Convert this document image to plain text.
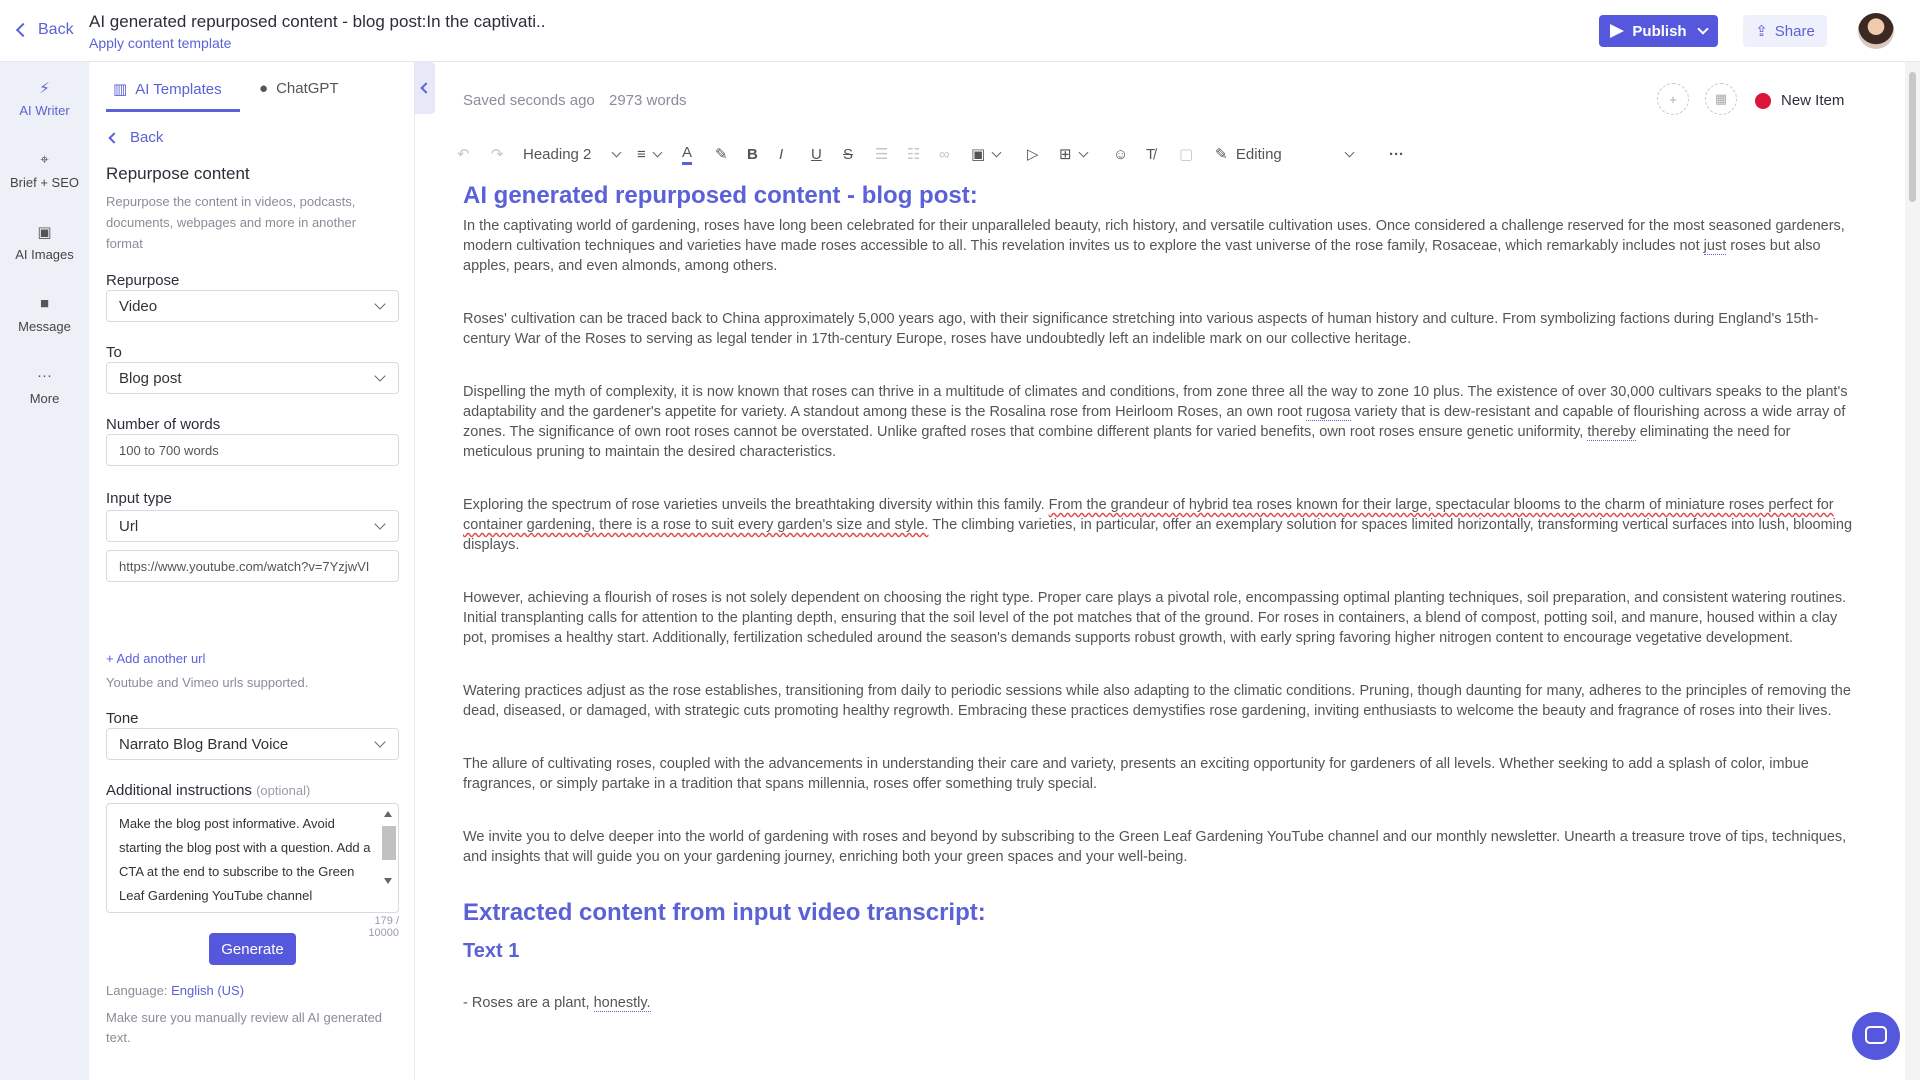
Back AI generated repurposed content - blog post:In the captivati..
Apply content template
Publish	⇪ Share
⚡
AI Writer
⌖
Brief + SEO
▣
AI Images
■
Message
···
More
▥ AI Templates ● ChatGPT
Back
Repurpose content
Repurpose the content in videos, podcasts, documents, webpages and more in another format
Repurpose
Video
To
Blog post
Number of words
100 to 700 words
Input type
Url
https://www.youtube.com/watch?v=7YzjwVI
+ Add another url
Youtube and Vimeo urls supported.
Tone
Narrato Blog Brand Voice
Additional instructions (optional)
Make the blog post informative. Avoid starting the blog post with a question. Add a CTA at the end to subscribe to the Green Leaf Gardening YouTube channel
179 / 10000
Generate
Language: English (US)
Make sure you manually review all AI generated text.
Saved seconds ago 2973 words	+	▦	New Item
↶ ↷ Heading 2	≡ A ✎ B I U S ☰ ☷ ∞ ▣	▷ ⊞	☺ T̸ ▢ ✎ Editing	···
AI generated repurposed content - blog post:

In the captivating world of gardening, roses have long been celebrated for their unparalleled beauty, rich history, and versatile cultivation uses. Once considered a challenge reserved for the most seasoned gardeners, modern cultivation techniques and varieties have made roses accessible to all. This revelation invites us to explore the vast universe of the rose family, Rosaceae, which remarkably includes not just roses but also apples, pears, and even almonds, among others.

Roses' cultivation can be traced back to China approximately 5,000 years ago, with their significance stretching into various aspects of human history and culture. From symbolizing factions during England's 15th-century War of the Roses to serving as legal tender in 17th-century Europe, roses have undoubtedly left an indelible mark on our collective heritage.

Dispelling the myth of complexity, it is now known that roses can thrive in a multitude of climates and conditions, from zone three all the way to zone 10 plus. The existence of over 30,000 cultivars speaks to the plant's adaptability and the gardener's appetite for variety. A standout among these is the Rosalina rose from Heirloom Roses, an own root rugosa variety that is dew-resistant and capable of flourishing across a wide array of zones. The significance of own root roses cannot be overstated. Unlike grafted roses that combine different plants for varied benefits, own root roses ensure genetic uniformity, thereby eliminating the need for meticulous pruning to maintain the desired characteristics.

Exploring the spectrum of rose varieties unveils the breathtaking diversity within this family. From the grandeur of hybrid tea roses known for their large, spectacular blooms to the charm of miniature roses perfect for container gardening, there is a rose to suit every garden's size and style. The climbing varieties, in particular, offer an exemplary solution for spaces limited horizontally, transforming vertical surfaces into lush, blooming displays.

However, achieving a flourish of roses is not solely dependent on choosing the right type. Proper care plays a pivotal role, encompassing optimal planting techniques, soil preparation, and consistent watering routines. Initial transplanting calls for attention to the planting depth, ensuring that the soil level of the pot matches that of the ground. For roses in containers, a blend of compost, potting soil, and manure, housed within a clay pot, promises a healthy start. Additionally, fertilization scheduled around the season's demands supports robust growth, with early spring favoring higher nitrogen content to encourage vegetative development.

Watering practices adjust as the rose establishes, transitioning from daily to periodic sessions while also adapting to the climatic conditions. Pruning, though daunting for many, adheres to the principles of removing the dead, diseased, or damaged, with strategic cuts promoting healthy regrowth. Embracing these practices demystifies rose gardening, inviting enthusiasts to welcome the beauty and fragrance of roses into their lives.

The allure of cultivating roses, coupled with the advancements in understanding their care and variety, presents an exciting opportunity for gardeners of all levels. Whether seeking to add a splash of color, imbue fragrances, or simply partake in a tradition that spans millennia, roses offer something truly special.

We invite you to delve deeper into the world of gardening with roses and beyond by subscribing to the Green Leaf Gardening YouTube channel and our monthly newsletter. Unearth a treasure trove of tips, techniques, and insights that will guide you on your gardening journey, enriching both your green spaces and your well-being.

Extracted content from input video transcript:
Text 1

- Roses are a plant, honestly.
